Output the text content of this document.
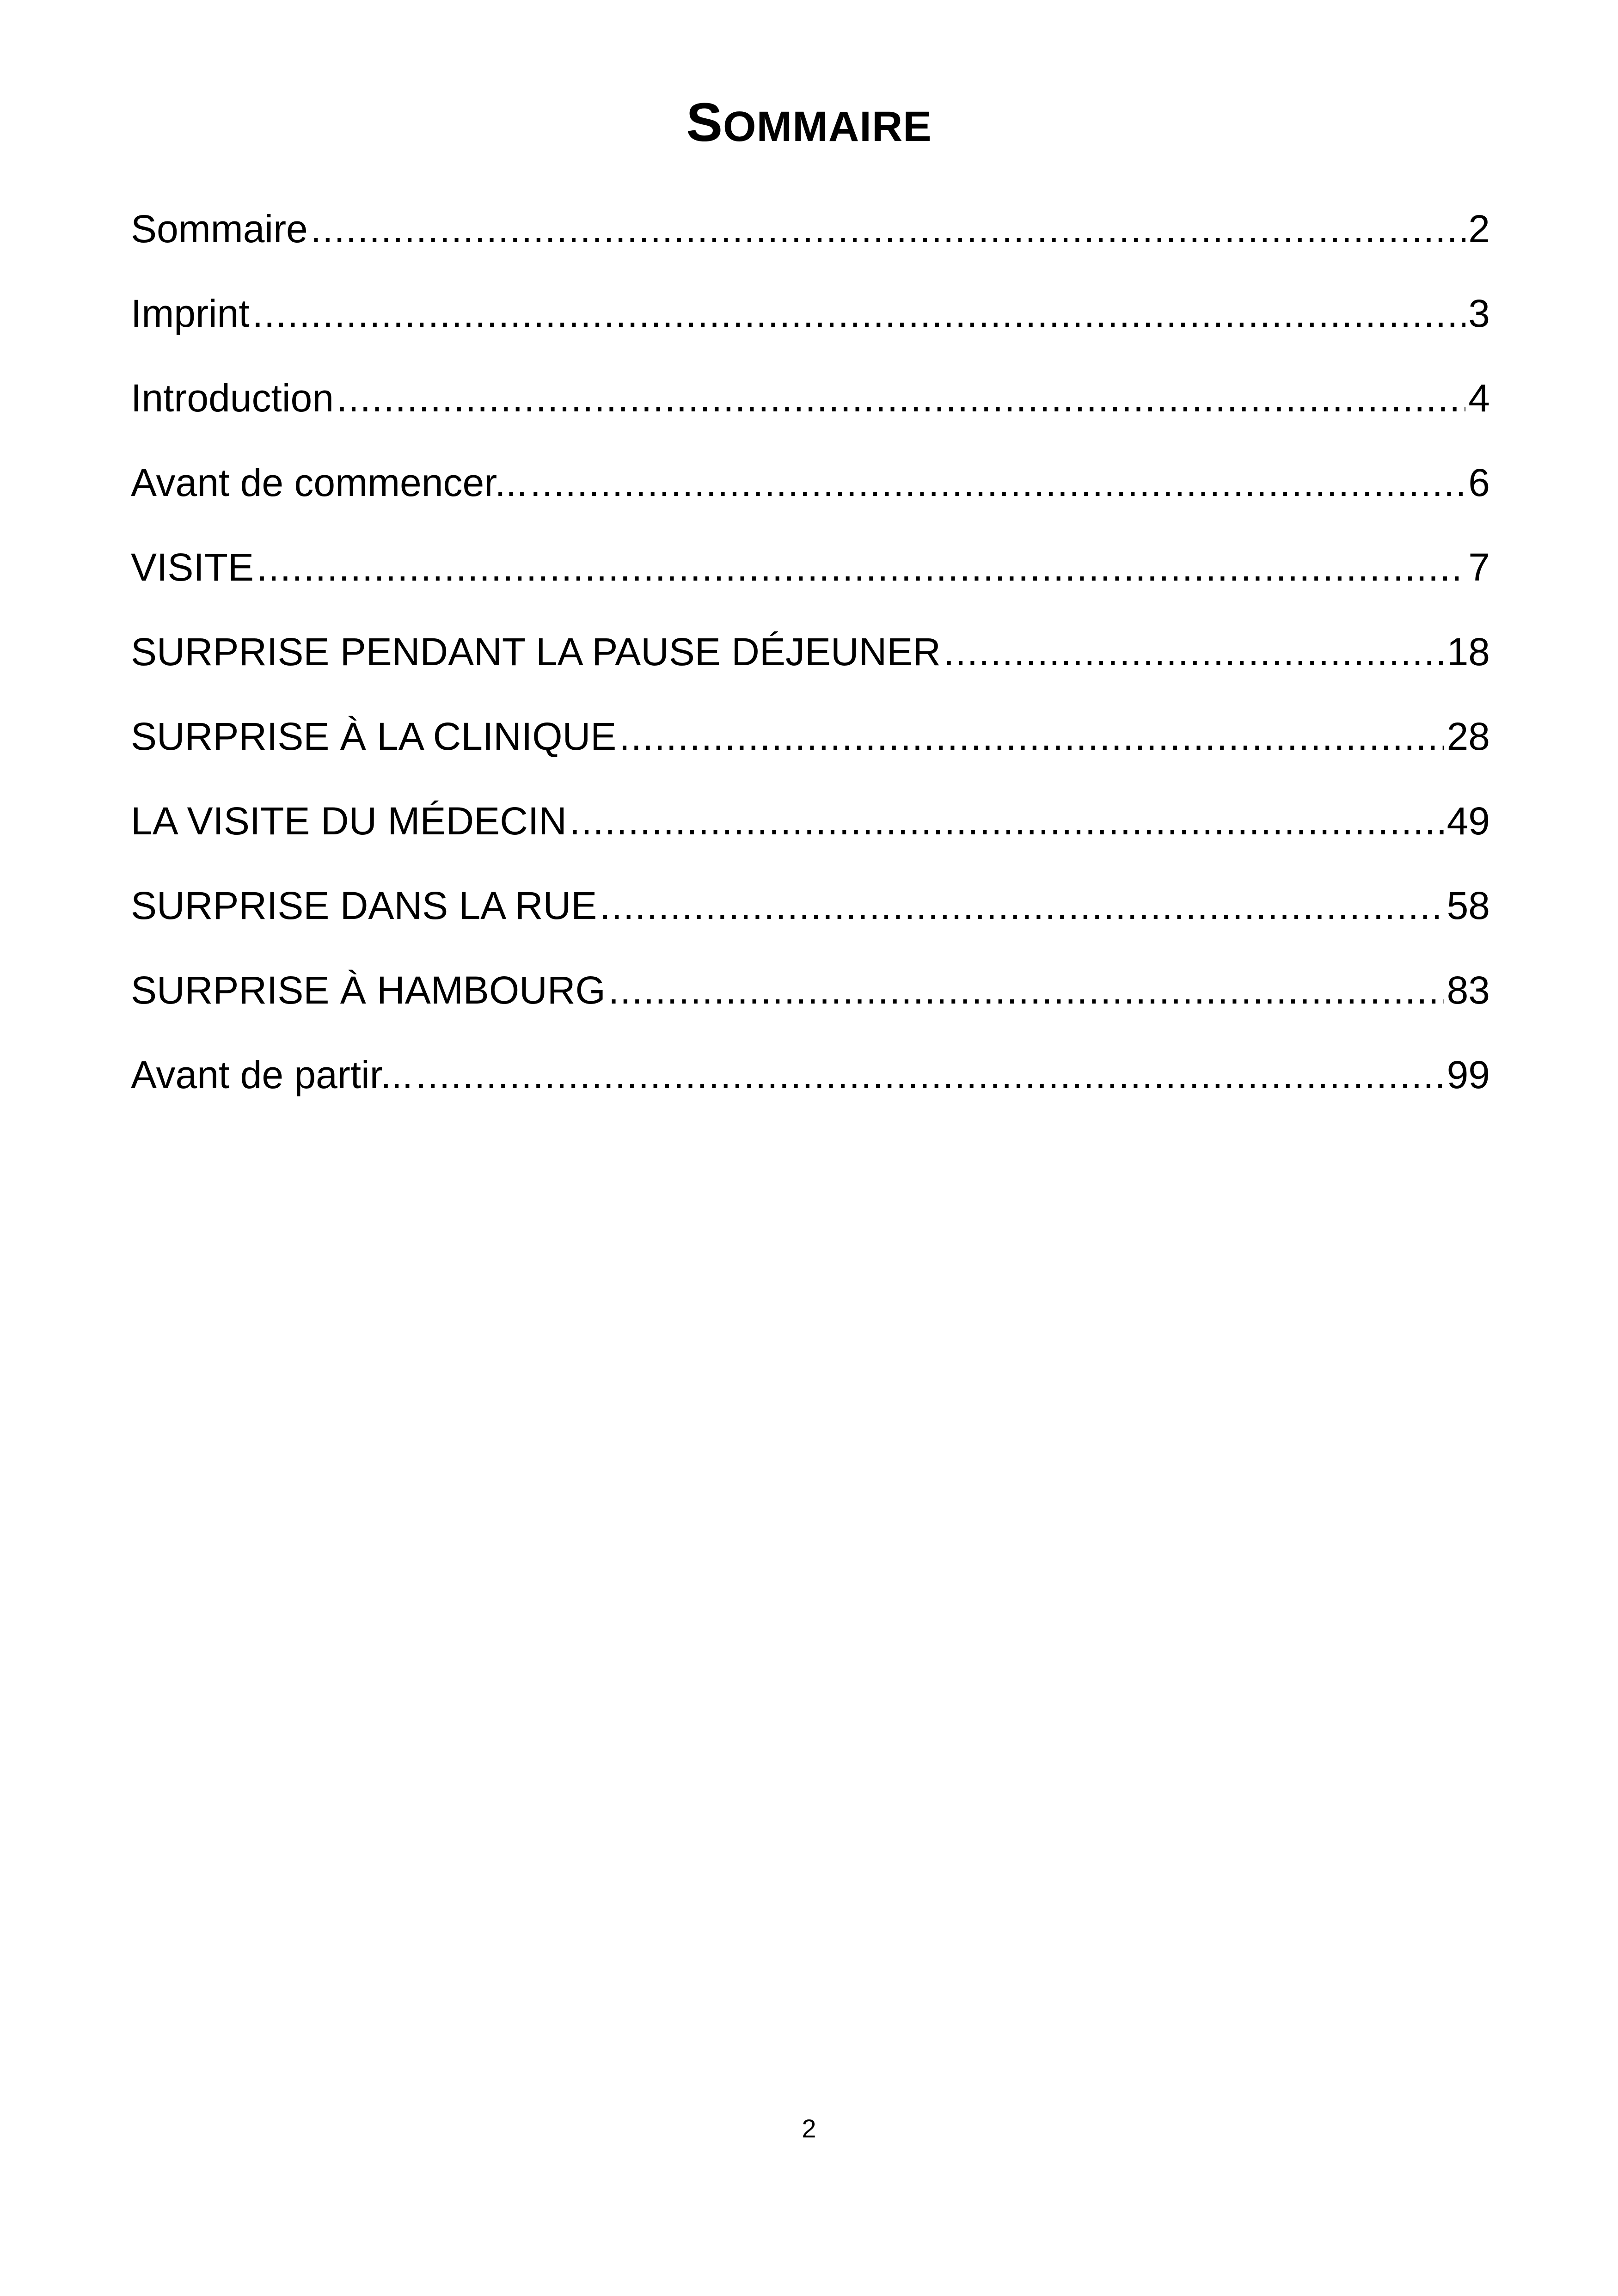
SOMMAIRE
Sommaire .....	2
Imprint .....	3
Introduction .....	4
Avant de commencer... .....	6
VISITE .....	7
SURPRISE PENDANT LA PAUSE DÉJEUNER .....	18
SURPRISE À LA CLINIQUE .....	28
LA VISITE DU MÉDECIN .....	49
SURPRISE DANS LA RUE .....	58
SURPRISE À HAMBOURG .....	83
Avant de partir... .....	99
2
